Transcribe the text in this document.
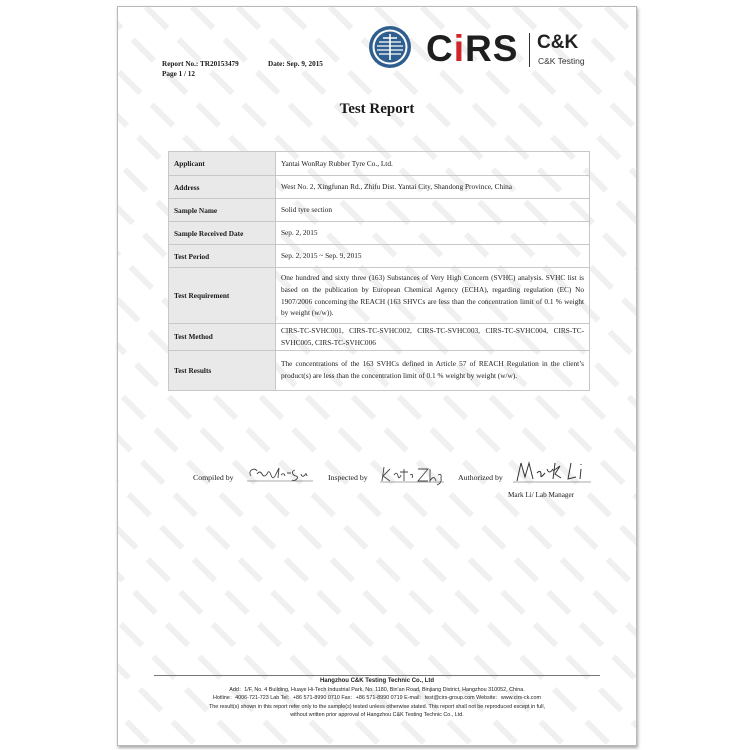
Report No.: TR20153479	Date: Sep. 9, 2015
Page 1 / 12
CiRS C&K
C&K Testing
Test Report
Applicant	Yantai WonRay Rubber Tyre Co., Ltd.
Address	West No. 2, Xingfunan Rd., Zhifu Dist. Yantai City, Shandong Province, China
Sample Name	Solid tyre section
Sample Received Date	Sep. 2, 2015
Test Period	Sep. 2, 2015 ~ Sep. 9, 2015
Test Requirement	One hundred and sixty three (163) Substances of Very High Concern (SVHC) analysis. SVHC list is based on the publication by European Chemical Agency (ECHA), regarding regulation (EC) No 1907/2006 concerning the REACH (163 SHVCs are less than the concentration limit of 0.1 % weight by weight (w/w)).
Test Method	CIRS-TC-SVHC001, CIRS-TC-SVHC002, CIRS-TC-SVHC003, CIRS-TC-SVHC004, CIRS-TC-SVHC005, CIRS-TC-SVHC006
Test Results	The concentrations of the 163 SVHCs defined in Article 57 of REACH Regulation in the client’s product(s) are less than the concentration limit of 0.1 % weight by weight (w/w).
Compiled by	Inspected by	Authorized by
Mark Li/ Lab Manager
Hangzhou C&K Testing Technic Co., Ltd
Add：1/F, No. 4 Building, Huaye Hi-Tech Industrial Park, No. 1180, Bin'an Road, Binjiang District, Hangzhou 310052, China.
Hotline：4006-721-723 Lab Tel：+86 571-8990 0710 Fax：+86 571-8990 0719 E-mail：test@cirs-group.com Website：www.cirs-ck.com
The result(s) shown in this report refer only to the sample(s) tested unless otherwise stated. This report shall not be reproduced except in full,
without written prior approval of Hangzhou C&K Testing Technic Co., Ltd.
